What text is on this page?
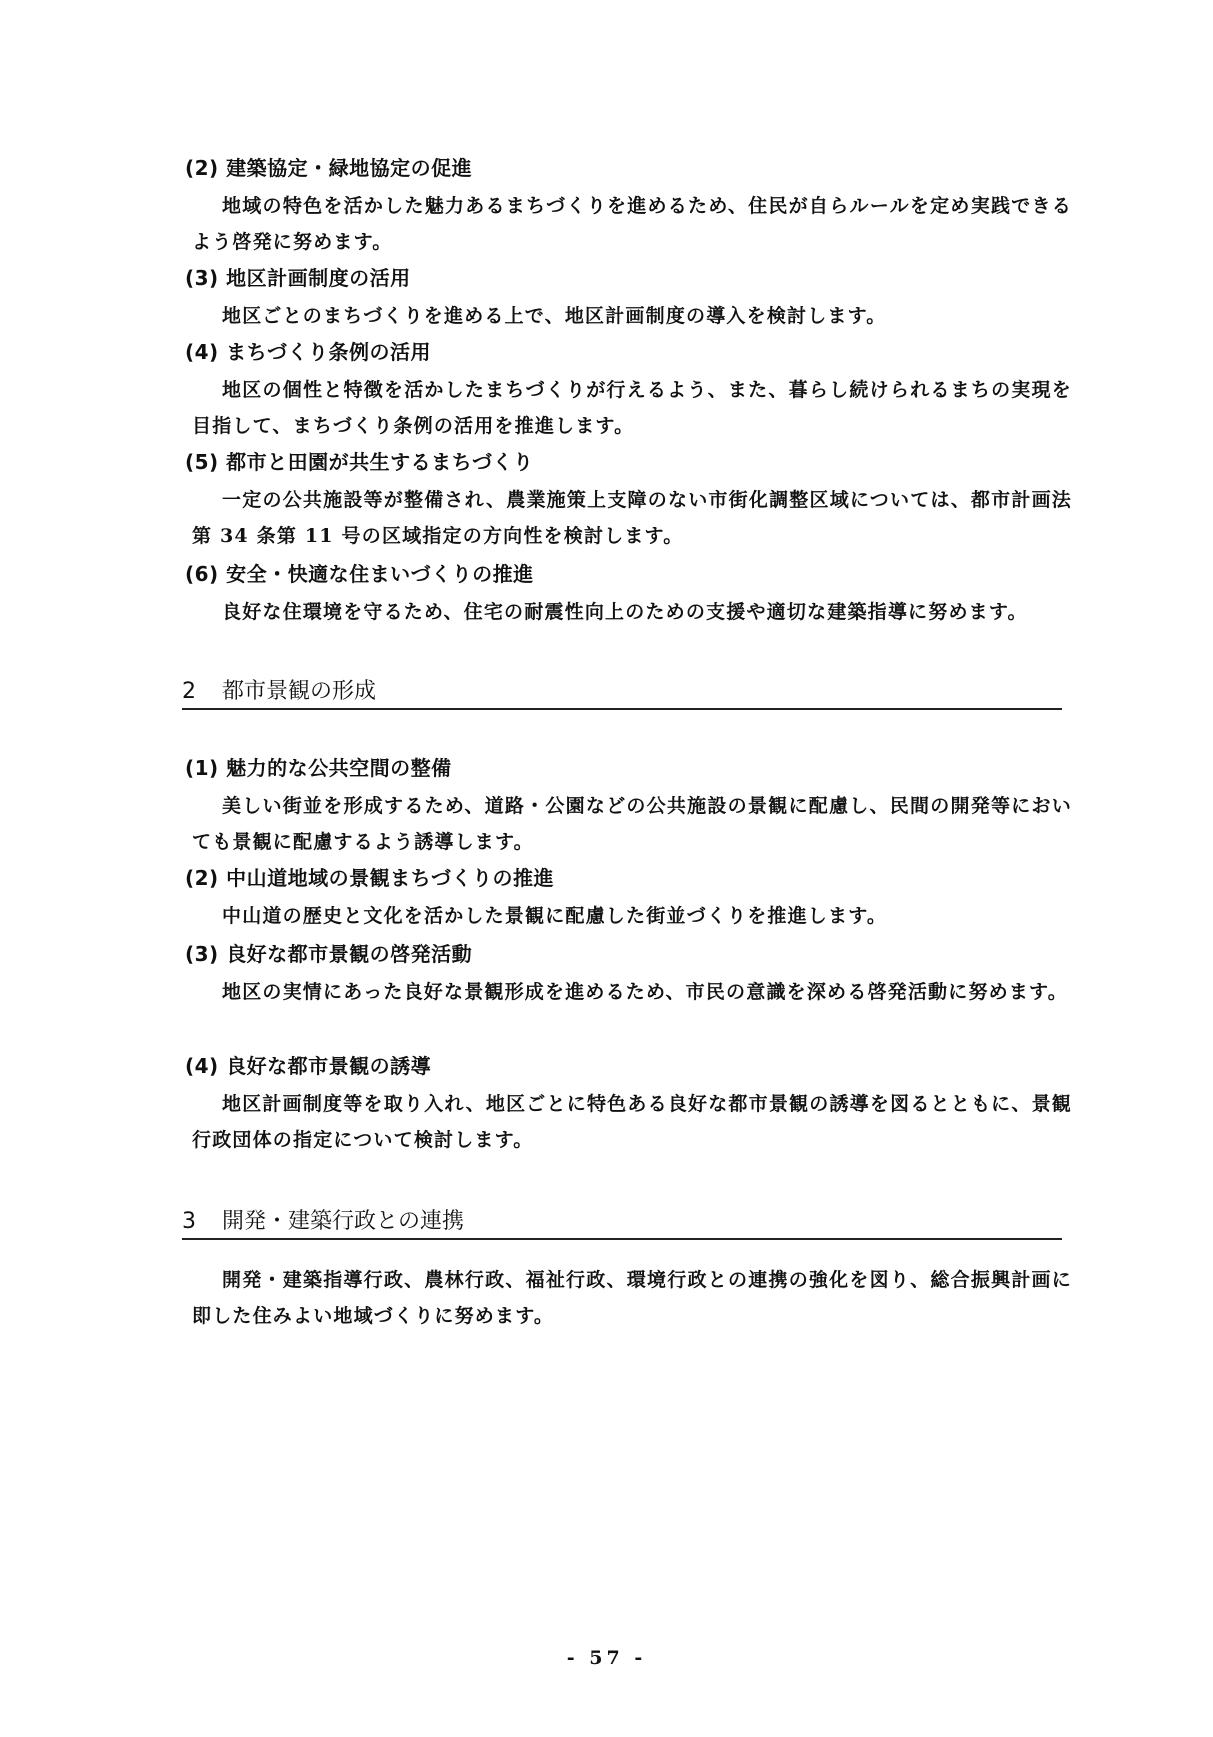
(2) 建築協定・緑地協定の促進
地域の特色を活かした魅力あるまちづくりを進めるため、住民が自らルールを定め実践できるよう啓発に努めます。
(3) 地区計画制度の活用
地区ごとのまちづくりを進める上で、地区計画制度の導入を検討します。
(4) まちづくり条例の活用
地区の個性と特徴を活かしたまちづくりが行えるよう、また、暮らし続けられるまちの実現を目指して、まちづくり条例の活用を推進します。
(5) 都市と田園が共生するまちづくり
一定の公共施設等が整備され、農業施策上支障のない市街化調整区域については、都市計画法第 34 条第 11 号の区域指定の方向性を検討します。
(6) 安全・快適な住まいづくりの推進
良好な住環境を守るため、住宅の耐震性向上のための支援や適切な建築指導に努めます。
2 都市景観の形成
(1) 魅力的な公共空間の整備
美しい街並を形成するため、道路・公園などの公共施設の景観に配慮し、民間の開発等においても景観に配慮するよう誘導します。
(2) 中山道地域の景観まちづくりの推進
中山道の歴史と文化を活かした景観に配慮した街並づくりを推進します。
(3) 良好な都市景観の啓発活動
地区の実情にあった良好な景観形成を進めるため、市民の意識を深める啓発活動に努めます。
(4) 良好な都市景観の誘導
地区計画制度等を取り入れ、地区ごとに特色ある良好な都市景観の誘導を図るとともに、景観行政団体の指定について検討します。
3 開発・建築行政との連携
開発・建築指導行政、農林行政、福祉行政、環境行政との連携の強化を図り、総合振興計画に即した住みよい地域づくりに努めます。
- 57 -
